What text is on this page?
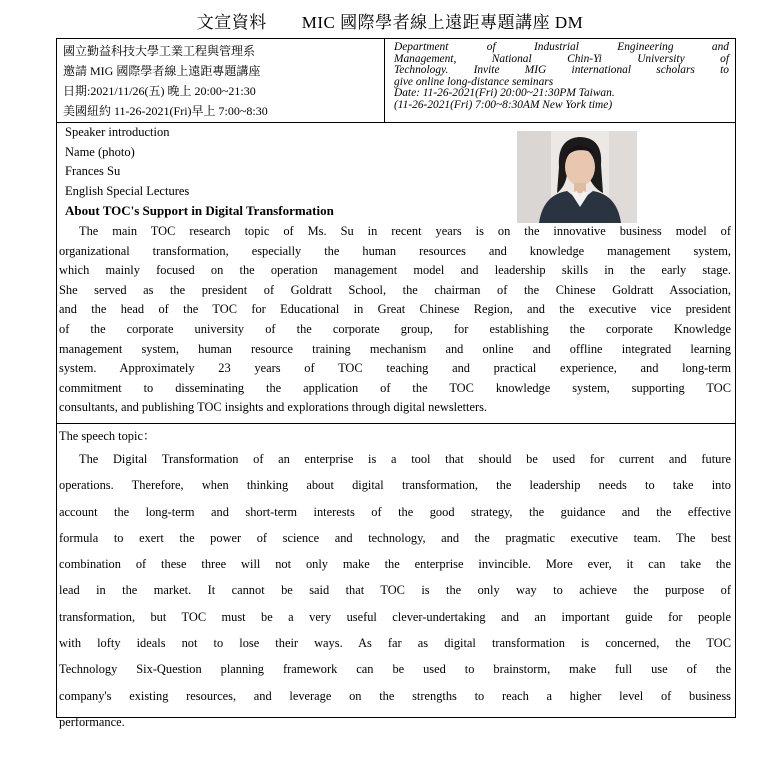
文宣資料　　MIC 國際學者線上遠距專題講座 DM
國立勤益科技大學工業工程與管理系
邀請 MIG 國際學者線上遠距專題講座
日期:2021/11/26(五) 晚上 20:00~21:30
美國紐約 11-26-2021(Fri)早上 7:00~8:30
Department of Industrial Engineering and
Management, National Chin-Yi University of
Technology. Invite MIG international scholars to
give online long-distance seminars
Date: 11-26-2021(Fri) 20:00~21:30PM Taiwan.
(11-26-2021(Fri) 7:00~8:30AM New York time)
Speaker introduction
Name (photo)
Frances Su
English Special Lectures
About TOC's Support in Digital Transformation
The main TOC research topic of Ms. Su in recent years is on the innovative business model of
organizational transformation, especially the human resources and knowledge management system,
which mainly focused on the operation management model and leadership skills in the early stage.
She served as the president of Goldratt School, the chairman of the Chinese Goldratt Association,
and the head of the TOC for Educational in Great Chinese Region, and the executive vice president
of the corporate university of the corporate group, for establishing the corporate Knowledge
management system, human resource training mechanism and online and offline integrated learning
system. Approximately 23 years of TOC teaching and practical experience, and long-term
commitment to disseminating the application of the TOC knowledge system, supporting TOC
consultants, and publishing TOC insights and explorations through digital newsletters.
The speech topic：
The Digital Transformation of an enterprise is a tool that should be used for current and future
operations. Therefore, when thinking about digital transformation, the leadership needs to take into
account the long-term and short-term interests of the good strategy, the guidance and the effective
formula to exert the power of science and technology, and the pragmatic executive team. The best
combination of these three will not only make the enterprise invincible. More ever, it can take the
lead in the market. It cannot be said that TOC is the only way to achieve the purpose of
transformation, but TOC must be a very useful clever-undertaking and an important guide for people
with lofty ideals not to lose their ways. As far as digital transformation is concerned, the TOC
Technology Six-Question planning framework can be used to brainstorm, make full use of the
company's existing resources, and leverage on the strengths to reach a higher level of business
performance.
